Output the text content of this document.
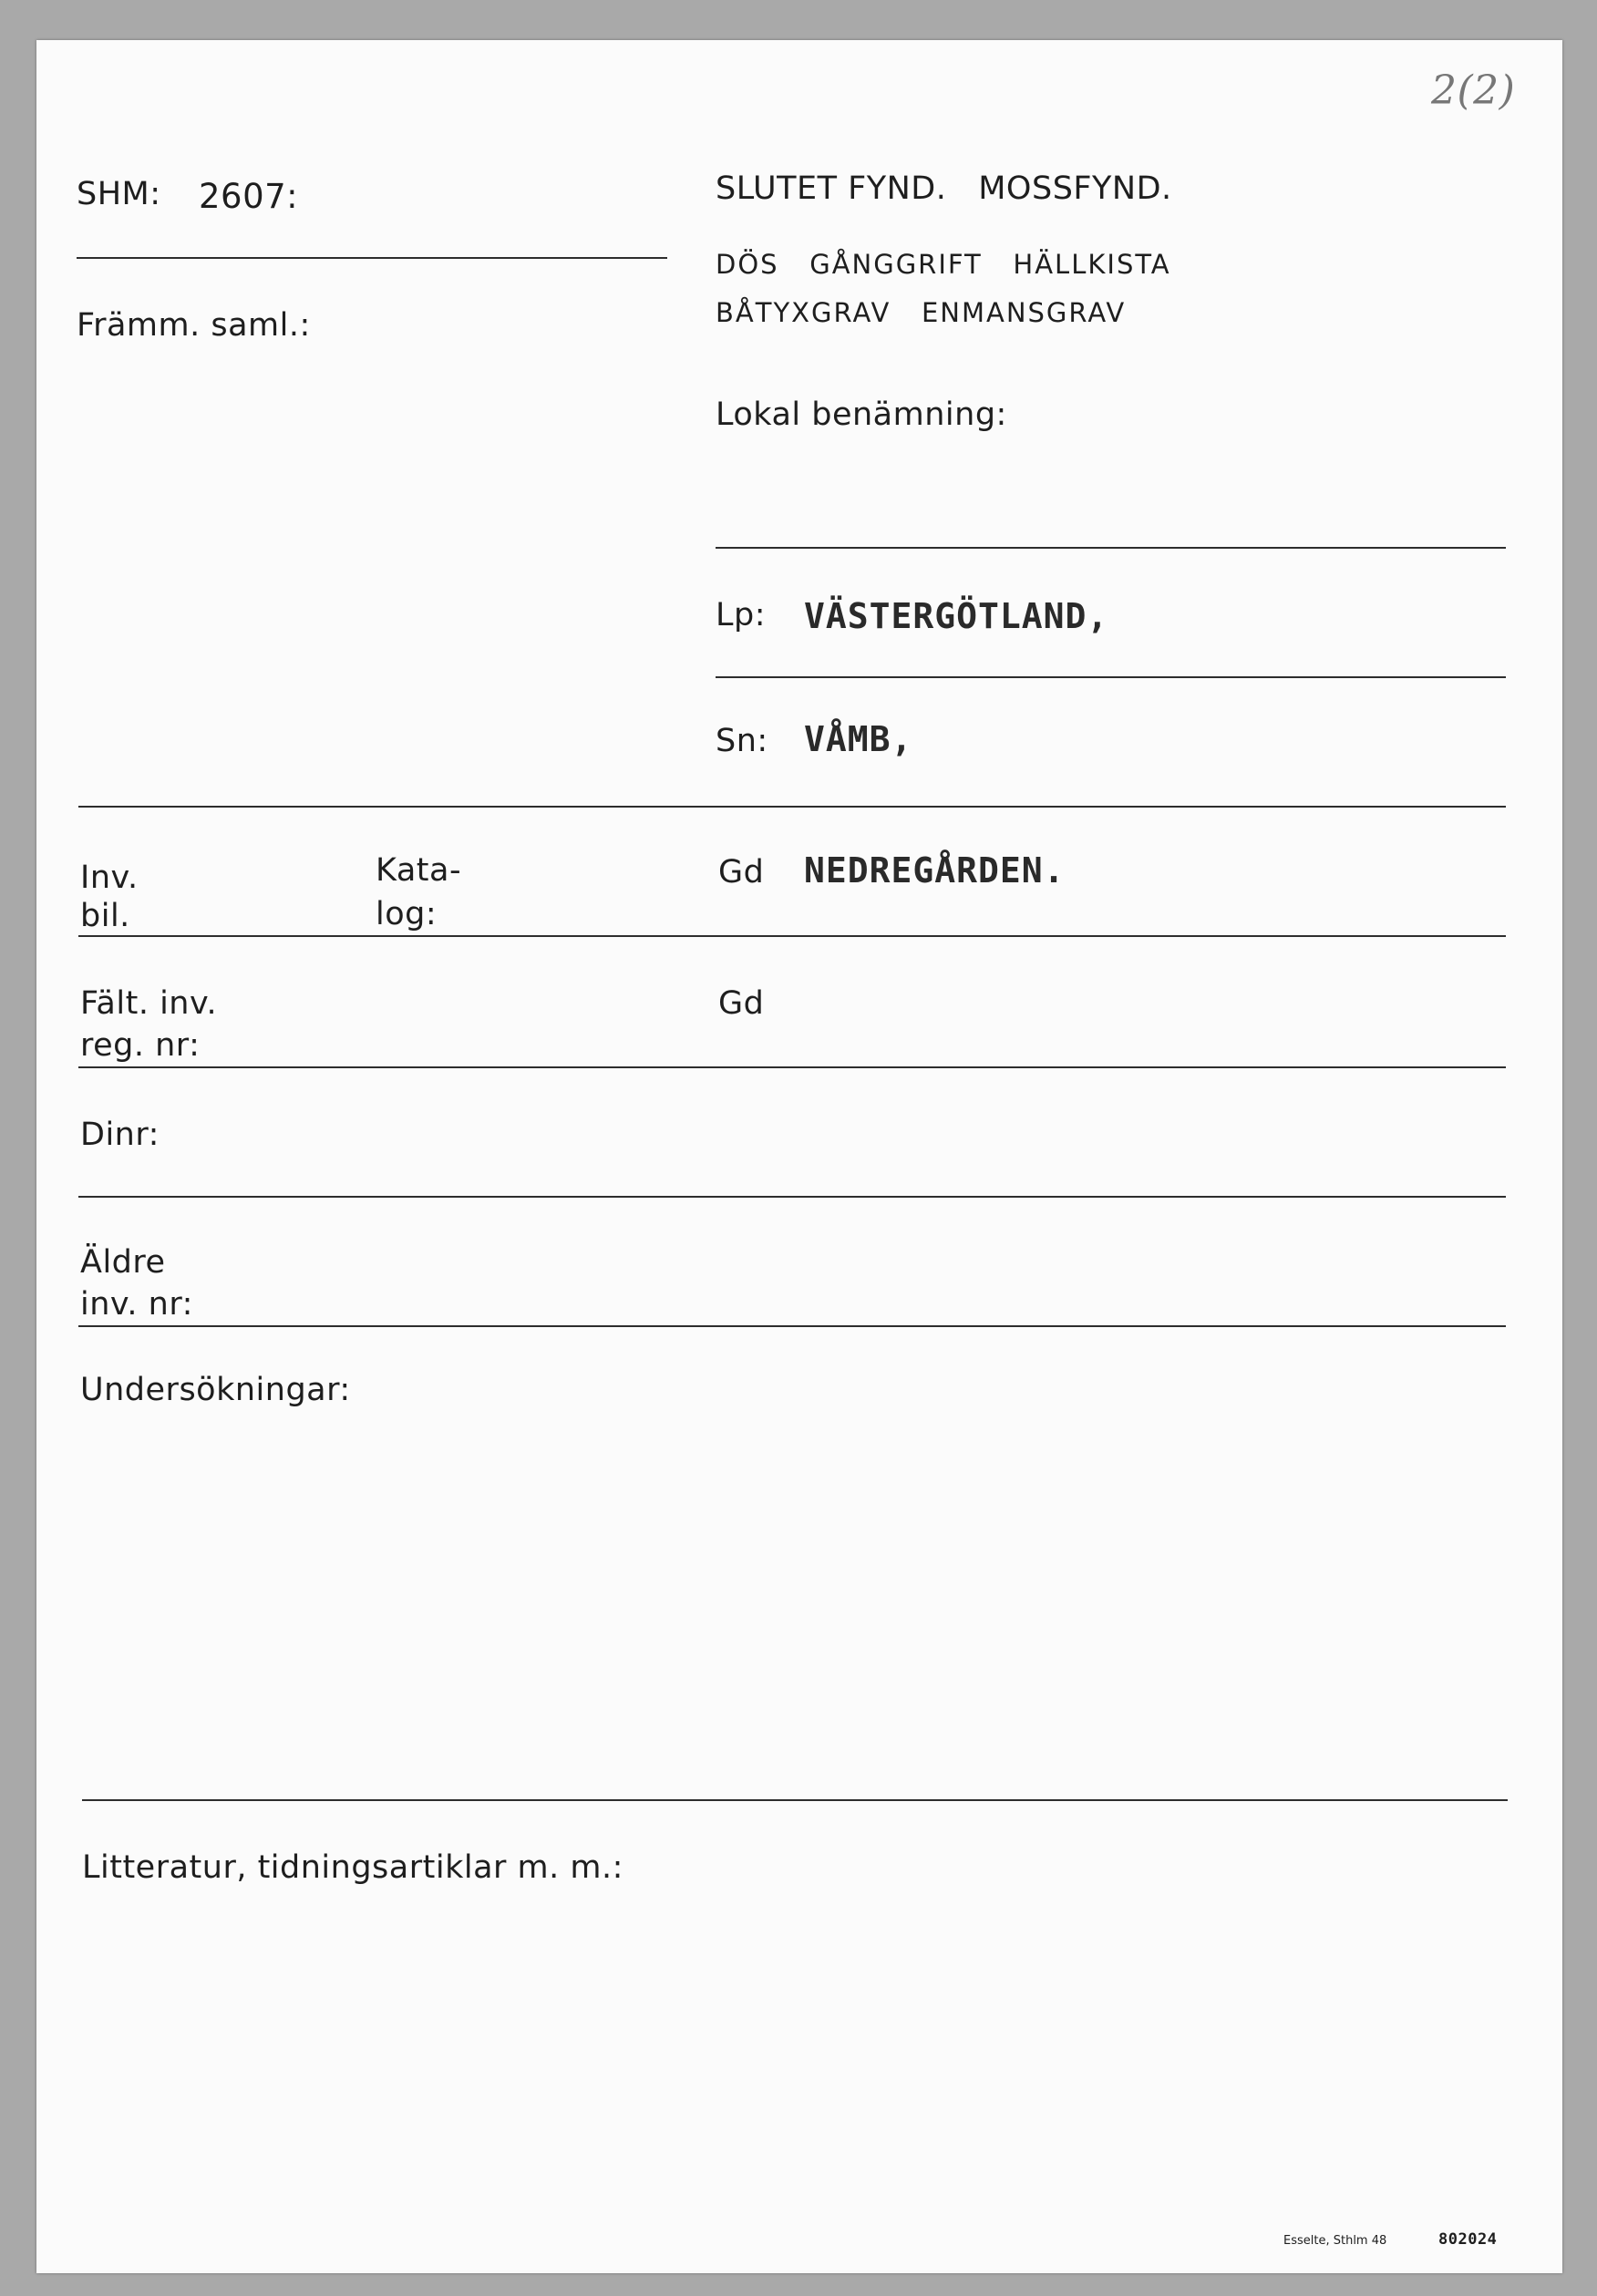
2(2)
SHM: 2607:
Främm. saml.:
SLUTET FYND.   MOSSFYND.
DÖS   GÅNGGRIFT   HÄLLKISTA
BÅTYXGRAV   ENMANSGRAV
Lokal benämning:
Lp: VÄSTERGÖTLAND,
Sn: VÅMB,
Inv.
bil.
Kata-
log:
Gd NEDREGÅRDEN.
Fält. inv.
reg. nr:
Gd
Dinr:
Äldre
inv. nr:
Undersökningar:
Litteratur, tidningsartiklar m. m.:
Esselte, Sthlm 48	802024
